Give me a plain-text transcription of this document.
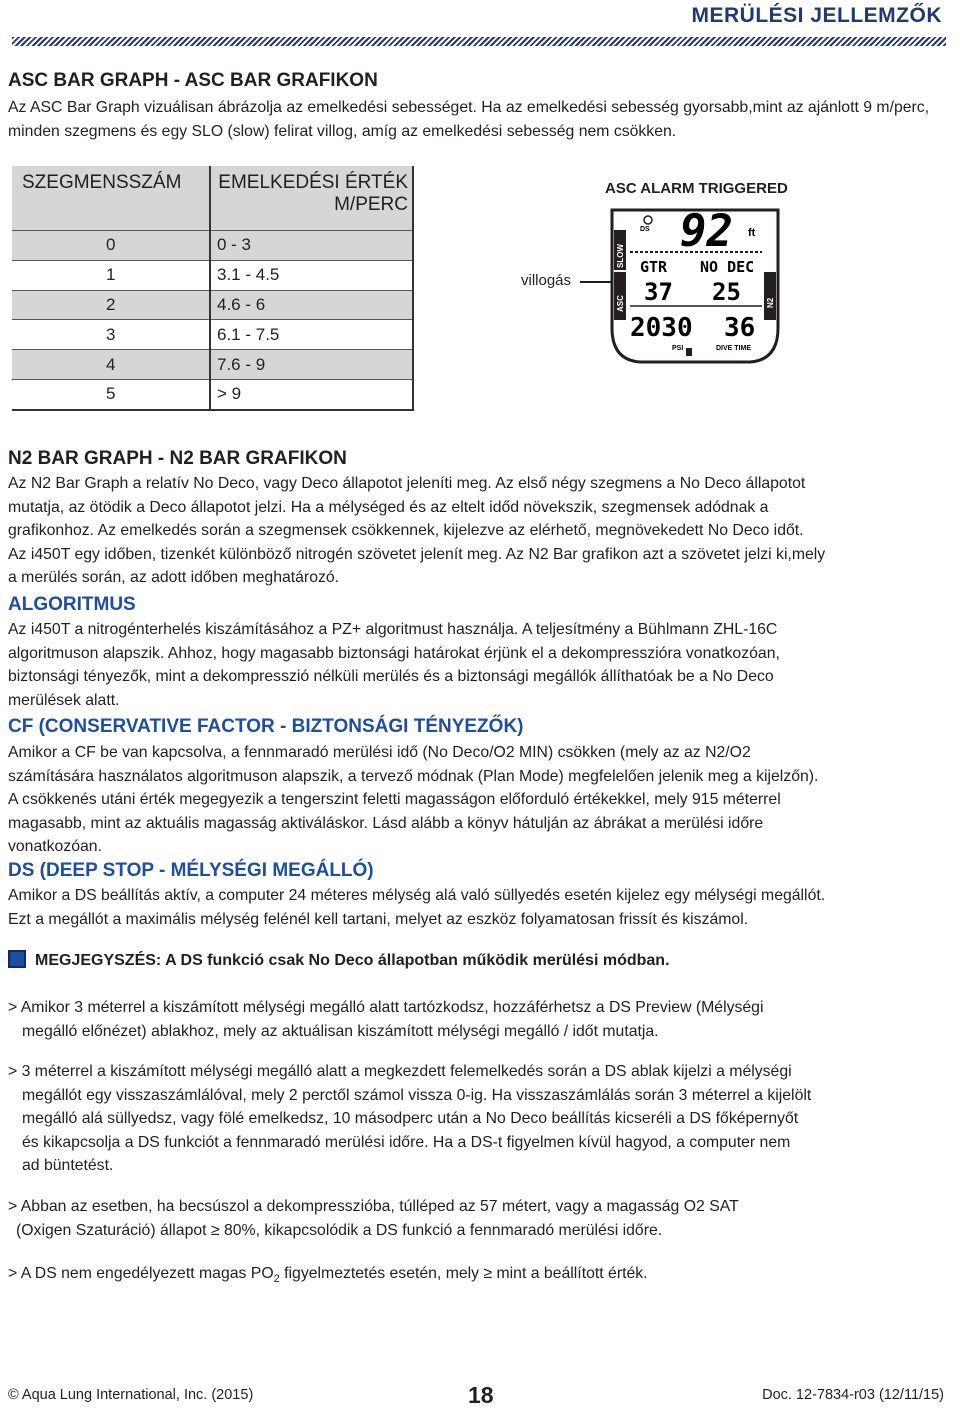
MERÜLÉSI JELLEMZŐK
ASC BAR GRAPH - ASC BAR GRAFIKON
Az ASC Bar Graph vizuálisan ábrázolja az emelkedési sebességet. Ha az emelkedési sebesség gyorsabb,mint az ajánlott 9 m/perc, minden szegmens és egy SLO (slow) felirat villog, amíg az emelkedési sebesség nem csökken.
SZEGMENSSZÁM	EMELKEDÉSI ÉRTÉK
M/PERC
0	0 - 3
1	3.1 - 4.5
2	4.6 - 6
3	6.1 - 7.5
4	7.6 - 9
5	> 9
villogás
ASC ALARM TRIGGERED
SLOW
ASC	N2
DS 92 ft
GTR NO DEC
37 25
2030 36
PSI	DIVE TIME
N2 BAR GRAPH - N2 BAR GRAFIKON
Az N2 Bar Graph a relatív No Deco, vagy Deco állapotot jeleníti meg. Az első négy szegmens a No Deco állapotot
mutatja, az ötödik a Deco állapotot jelzi. Ha a mélységed és az eltelt időd növekszik, szegmensek adódnak a
grafikonhoz. Az emelkedés során a szegmensek csökkennek, kijelezve az elérhető, megnövekedett No Deco időt.
Az i450T egy időben, tizenkét különböző nitrogén szövetet jelenít meg. Az N2 Bar grafikon azt a szövetet jelzi ki,mely
a merülés során, az adott időben meghatározó.
ALGORITMUS
Az i450T a nitrogénterhelés kiszámításához a PZ+ algoritmust használja. A teljesítmény a Bühlmann ZHL-16C
algoritmuson alapszik. Ahhoz, hogy magasabb biztonsági határokat érjünk el a dekompresszióra vonatkozóan,
biztonsági tényezők, mint a dekompresszió nélküli merülés és a biztonsági megállók állíthatóak be a No Deco
merülések alatt.
CF (CONSERVATIVE FACTOR - BIZTONSÁGI TÉNYEZŐK)
Amikor a CF be van kapcsolva, a fennmaradó merülési idő (No Deco/O2 MIN) csökken (mely az az N2/O2
számítására használatos algoritmuson alapszik, a tervező módnak (Plan Mode) megfelelően jelenik meg a kijelzőn).
A csökkenés utáni érték megegyezik a tengerszint feletti magasságon előforduló értékekkel, mely 915 méterrel
magasabb, mint az aktuális magasság aktiváláskor. Lásd alább a könyv hátulján az ábrákat a merülési időre
vonatkozóan.
DS (DEEP STOP - MÉLYSÉGI MEGÁLLÓ)
Amikor a DS beállítás aktív, a computer 24 méteres mélység alá való süllyedés esetén kijelez egy mélységi megállót.
Ezt a megállót a maximális mélység felénél kell tartani, melyet az eszköz folyamatosan frissít és kiszámol.
MEGJEGYSZÉS: A DS funkció csak No Deco állapotban működik merülési módban.
> Amikor 3 méterrel a kiszámított mélységi megálló alatt tartózkodsz, hozzáférhetsz a DS Preview (Mélységi
megálló előnézet) ablakhoz, mely az aktuálisan kiszámított mélységi megálló / időt mutatja.
> 3 méterrel a kiszámított mélységi megálló alatt a megkezdett felemelkedés során a DS ablak kijelzi a mélységi
megállót egy visszaszámlálóval, mely 2 perctől számol vissza 0-ig. Ha visszaszámlálás során 3 méterrel a kijelölt
megálló alá süllyedsz, vagy fölé emelkedsz, 10 másodperc után a No Deco beállítás kicseréli a DS főképernyőt
és kikapcsolja a DS funkciót a fennmaradó merülési időre. Ha a DS-t figyelmen kívül hagyod, a computer nem
ad büntetést.
> Abban az esetben, ha becsúszol a dekompresszióba, túlléped az 57 métert, vagy a magasság O2 SAT
(Oxigen Szaturáció) állapot ≥ 80%, kikapcsolódik a DS funkció a fennmaradó merülési időre.
> A DS nem engedélyezett magas $PO_2$ figyelmeztetés esetén, mely ≥ mint a beállított érték.
© Aqua Lung International, Inc. (2015)	18	Doc. 12-7834-r03 (12/11/15)
